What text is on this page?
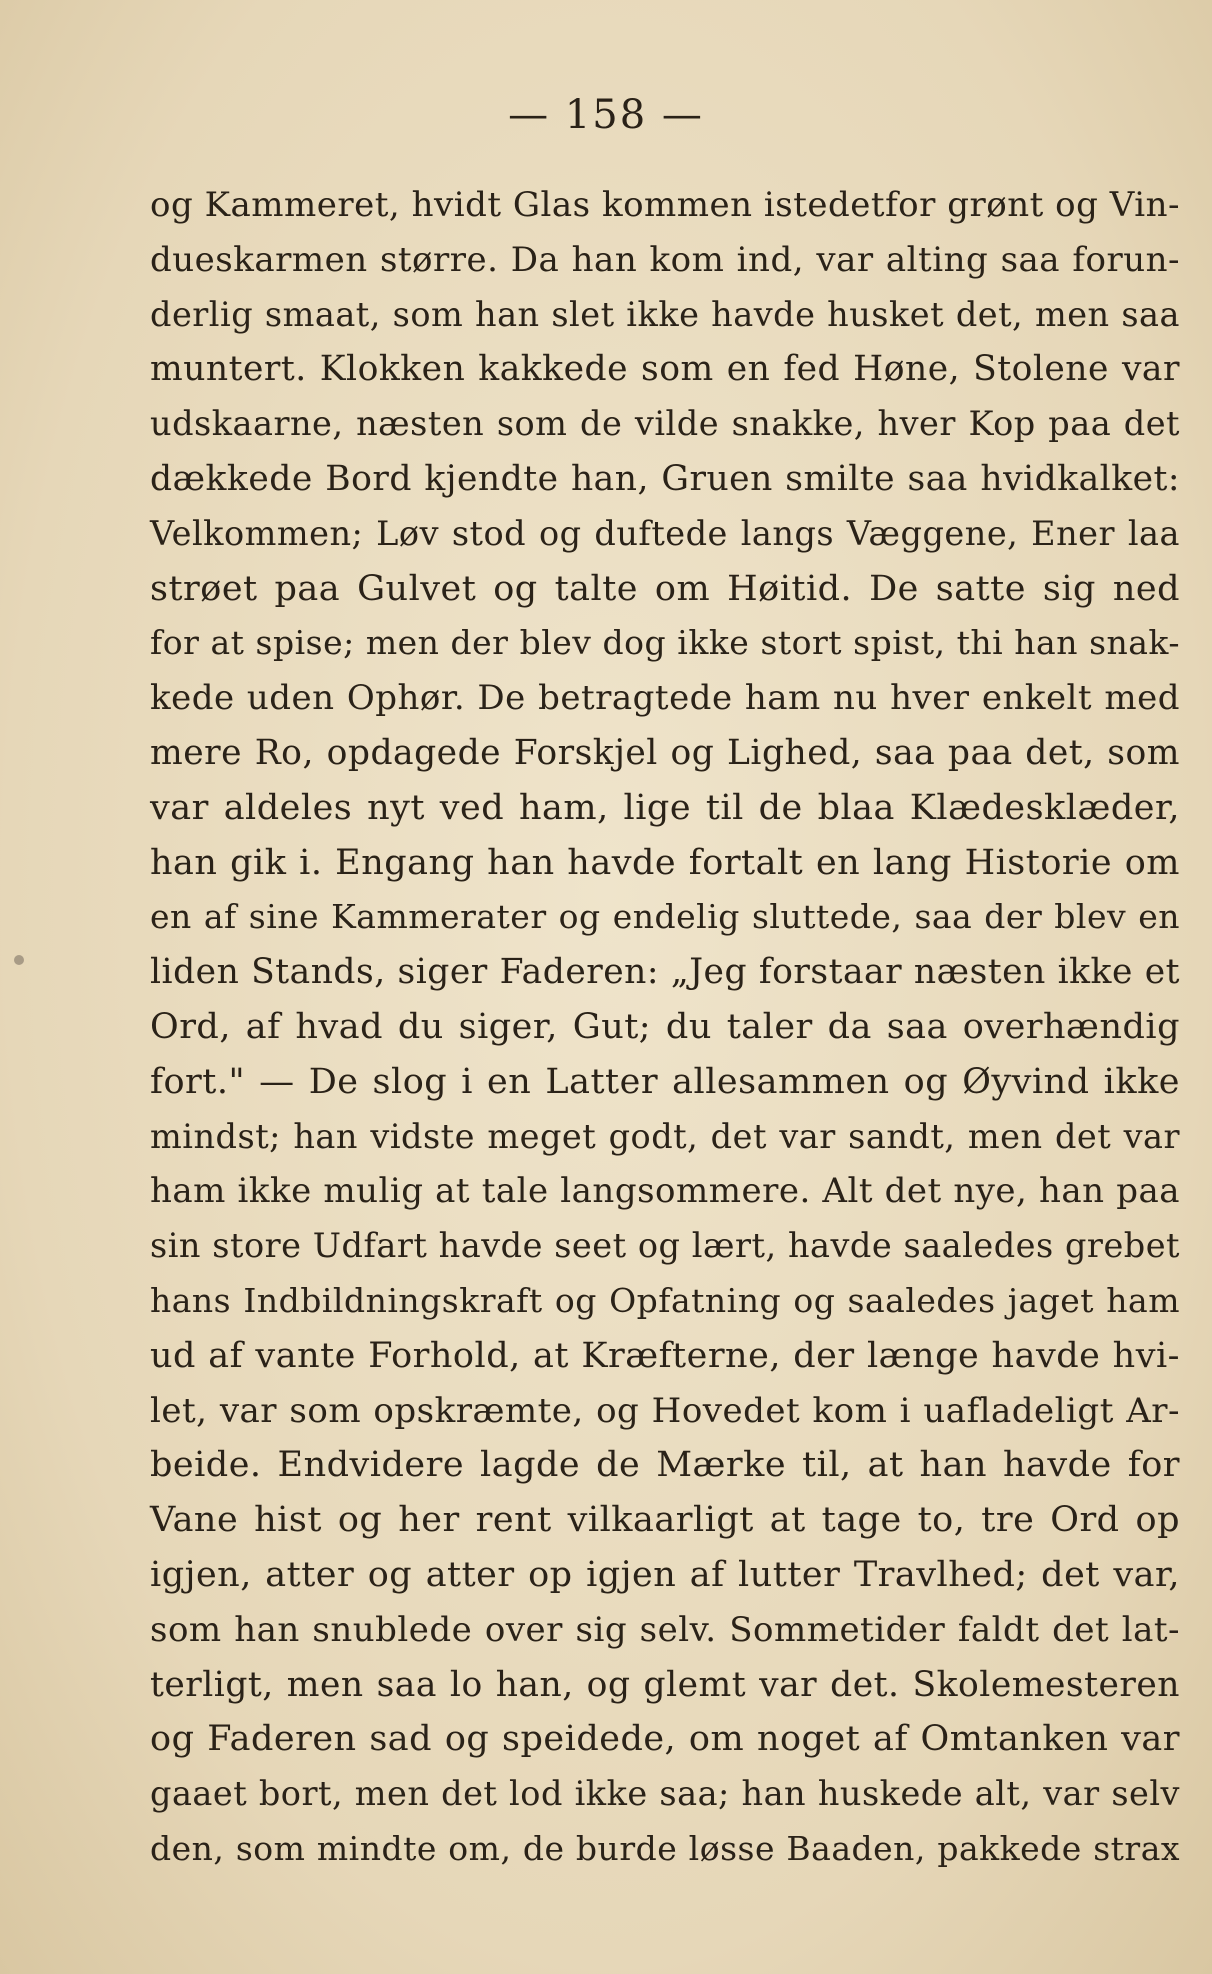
— 158 —
og Kammeret, hvidt Glas kommen istedetfor grønt og Vin-
dueskarmen større. Da han kom ind, var alting saa forun-
derlig smaat, som han slet ikke havde husket det, men saa
muntert. Klokken kakkede som en fed Høne, Stolene var
udskaarne, næsten som de vilde snakke, hver Kop paa det
dækkede Bord kjendte han, Gruen smilte saa hvidkalket:
Velkommen; Løv stod og duftede langs Væggene, Ener laa
strøet paa Gulvet og talte om Høitid. De satte sig ned
for at spise; men der blev dog ikke stort spist, thi han snak-
kede uden Ophør. De betragtede ham nu hver enkelt med
mere Ro, opdagede Forskjel og Lighed, saa paa det, som
var aldeles nyt ved ham, lige til de blaa Klædesklæder,
han gik i. Engang han havde fortalt en lang Historie om
en af sine Kammerater og endelig sluttede, saa der blev en
liden Stands, siger Faderen: „Jeg forstaar næsten ikke et
Ord, af hvad du siger, Gut; du taler da saa overhændig
fort." — De slog i en Latter allesammen og Øyvind ikke
mindst; han vidste meget godt, det var sandt, men det var
ham ikke mulig at tale langsommere. Alt det nye, han paa
sin store Udfart havde seet og lært, havde saaledes grebet
hans Indbildningskraft og Opfatning og saaledes jaget ham
ud af vante Forhold, at Kræfterne, der længe havde hvi-
let, var som opskræmte, og Hovedet kom i uafladeligt Ar-
beide. Endvidere lagde de Mærke til, at han havde for
Vane hist og her rent vilkaarligt at tage to, tre Ord op
igjen, atter og atter op igjen af lutter Travlhed; det var,
som han snublede over sig selv. Sommetider faldt det lat-
terligt, men saa lo han, og glemt var det. Skolemesteren
og Faderen sad og speidede, om noget af Omtanken var
gaaet bort, men det lod ikke saa; han huskede alt, var selv
den, som mindte om, de burde løsse Baaden, pakkede strax
